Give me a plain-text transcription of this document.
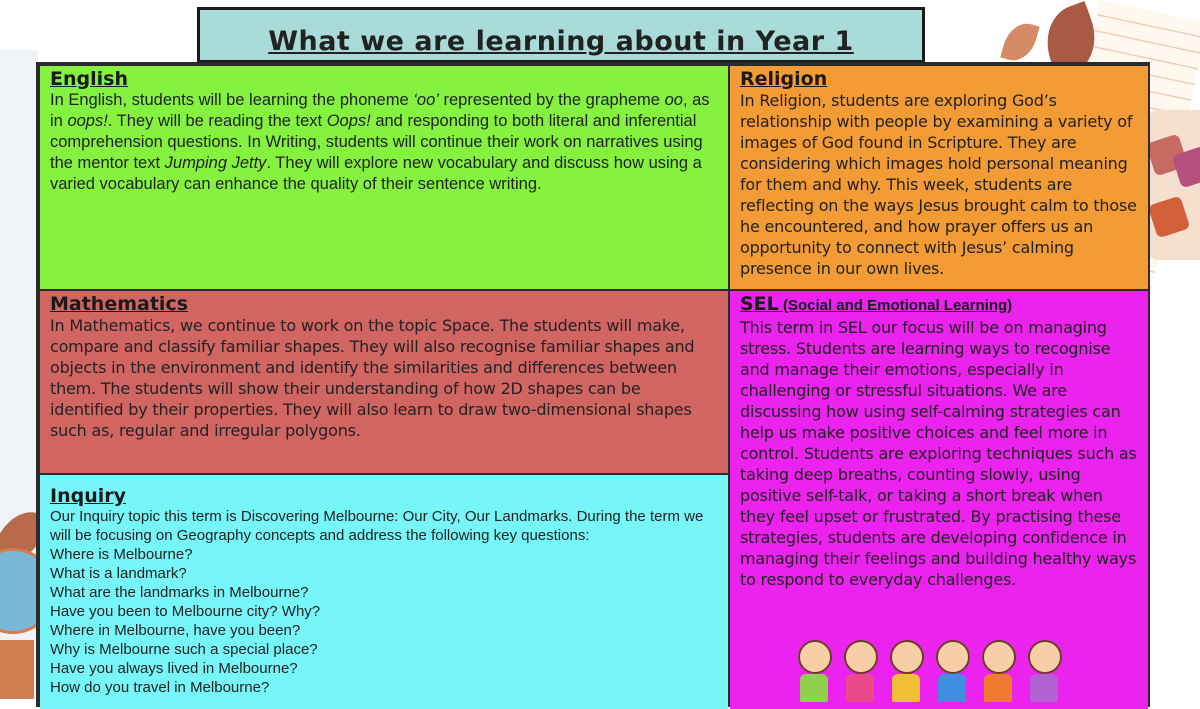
What we are learning about in Year 1
English
In English, students will be learning the phoneme ‘oo’ represented by the grapheme oo, as in oops!. They will be reading the text Oops! and responding to both literal and inferential comprehension questions. In Writing, students will continue their work on narratives using the mentor text Jumping Jetty. They will explore new vocabulary and discuss how using a varied vocabulary can enhance the quality of their sentence writing.
Religion
In Religion, students are exploring God’s relationship with people by examining a variety of images of God found in Scripture. They are considering which images hold personal meaning for them and why. This week, students are reflecting on the ways Jesus brought calm to those he encountered, and how prayer offers us an opportunity to connect with Jesus’ calming presence in our own lives.
Mathematics
In Mathematics, we continue to work on the topic Space. The students will make, compare and classify familiar shapes. They will also recognise familiar shapes and objects in the environment and identify the similarities and differences between them. The students will show their understanding of how 2D shapes can be identified by their properties. They will also learn to draw two-dimensional shapes such as, regular and irregular polygons.
Inquiry
Our Inquiry topic this term is Discovering Melbourne: Our City, Our Landmarks. During the term we will be focusing on Geography concepts and address the following key questions:
Where is Melbourne?
What is a landmark?
What are the landmarks in Melbourne?
Have you been to Melbourne city? Why?
Where in Melbourne, have you been?
Why is Melbourne such a special place?
Have you always lived in Melbourne?
How do you travel in Melbourne?
SEL (Social and Emotional Learning)
This term in SEL our focus will be on managing stress. Students are learning ways to recognise and manage their emotions, especially in challenging or stressful situations. We are discussing how using self-calming strategies can help us make positive choices and feel more in control. Students are exploring techniques such as taking deep breaths, counting slowly, using positive self-talk, or taking a short break when they feel upset or frustrated. By practising these strategies, students are developing confidence in managing their feelings and building healthy ways to respond to everyday challenges.
